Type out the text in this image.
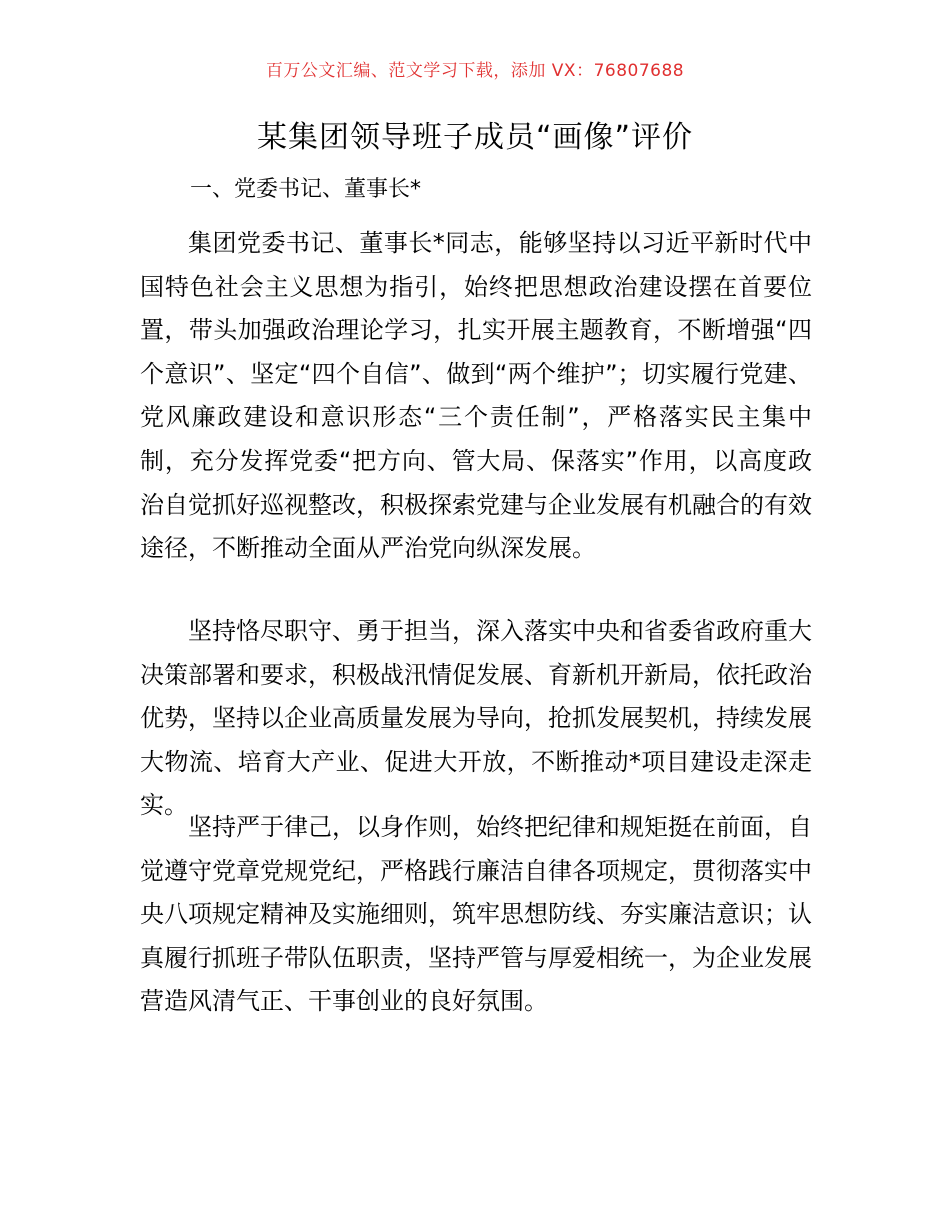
百万公文汇编、范文学习下载，添加 VX：76807688
某集团领导班子成员“画像”评价
一、党委书记、董事长*

集团党委书记、董事长*同志，能够坚持以习近平新时代中国特色社会主义思想为指引，始终把思想政治建设摆在首要位置，带头加强政治理论学习，扎实开展主题教育，不断增强“四个意识”、坚定“四个自信”、做到“两个维护”；切实履行党建、党风廉政建设和意识形态“三个责任制”，严格落实民主集中制，充分发挥党委“把方向、管大局、保落实”作用，以高度政治自觉抓好巡视整改，积极探索党建与企业发展有机融合的有效途径，不断推动全面从严治党向纵深发展。

坚持恪尽职守、勇于担当，深入落实中央和省委省政府重大决策部署和要求，积极战汛情促发展、育新机开新局，依托政治优势，坚持以企业高质量发展为导向，抢抓发展契机，持续发展大物流、培育大产业、促进大开放，不断推动*项目建设走深走实。

坚持严于律己，以身作则，始终把纪律和规矩挺在前面，自觉遵守党章党规党纪，严格践行廉洁自律各项规定，贯彻落实中央八项规定精神及实施细则，筑牢思想防线、夯实廉洁意识；认真履行抓班子带队伍职责，坚持严管与厚爱相统一，为企业发展营造风清气正、干事创业的良好氛围。
